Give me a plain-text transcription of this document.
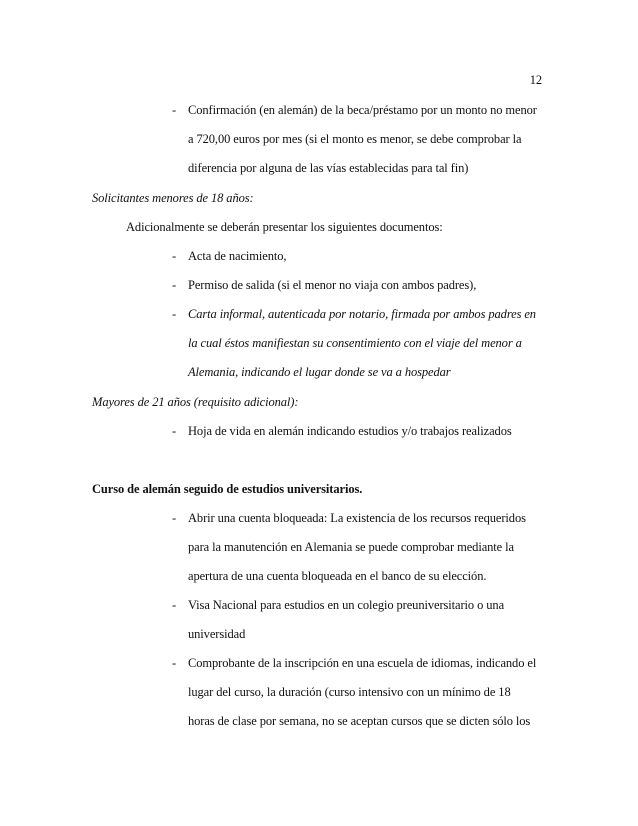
12
- Confirmación (en alemán) de la beca/préstamo por un monto no menor
a 720,00 euros por mes (si el monto es menor, se debe comprobar la
diferencia por alguna de las vías establecidas para tal fin)
Solicitantes menores de 18 años:
Adicionalmente se deberán presentar los siguientes documentos:
- Acta de nacimiento,
- Permiso de salida (si el menor no viaja con ambos padres),
- Carta informal, autenticada por notario, firmada por ambos padres en
la cual éstos manifiestan su consentimiento con el viaje del menor a
Alemania, indicando el lugar donde se va a hospedar
Mayores de 21 años (requisito adicional):
- Hoja de vida en alemán indicando estudios y/o trabajos realizados
Curso de alemán seguido de estudios universitarios.
- Abrir una cuenta bloqueada: La existencia de los recursos requeridos
para la manutención en Alemania se puede comprobar mediante la
apertura de una cuenta bloqueada en el banco de su elección.
- Visa Nacional para estudios en un colegio preuniversitario o una
universidad
- Comprobante de la inscripción en una escuela de idiomas, indicando el
lugar del curso, la duración (curso intensivo con un mínimo de 18
horas de clase por semana, no se aceptan cursos que se dicten sólo los
